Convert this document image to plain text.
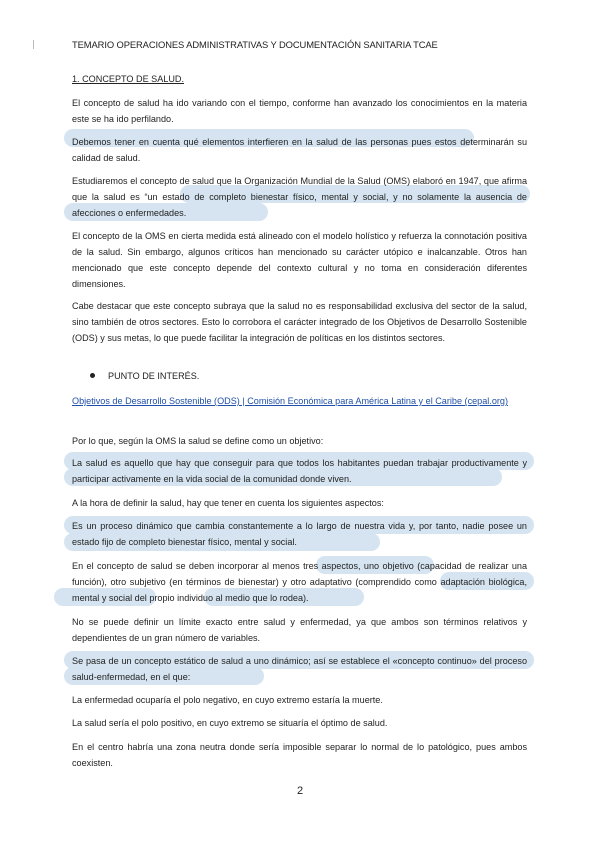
TEMARIO OPERACIONES ADMINISTRATIVAS Y DOCUMENTACIÓN SANITARIA TCAE
1. CONCEPTO DE SALUD.
El concepto de salud ha ido variando con el tiempo, conforme han avanzado los conocimientos en la materia este se ha ido perfilando.
Debemos tener en cuenta qué elementos interfieren en la salud de las personas pues estos determinarán su calidad de salud.
Estudiaremos el concepto de salud que la Organización Mundial de la Salud (OMS) elaboró en 1947, que afirma que la salud es “un estado de completo bienestar físico, mental y social, y no solamente la ausencia de afecciones o enfermedades.
El concepto de la OMS en cierta medida está alineado con el modelo holístico y refuerza la connotación positiva de la salud. Sin embargo, algunos críticos han mencionado su carácter utópico e inalcanzable. Otros han mencionado que este concepto depende del contexto cultural y no toma en consideración diferentes dimensiones.
Cabe destacar que este concepto subraya que la salud no es responsabilidad exclusiva del sector de la salud, sino también de otros sectores. Esto lo corrobora el carácter integrado de los Objetivos de Desarrollo Sostenible (ODS) y sus metas, lo que puede facilitar la integración de políticas en los distintos sectores.
PUNTO DE INTERÉS.
Objetivos de Desarrollo Sostenible (ODS) | Comisión Económica para América Latina y el Caribe (cepal.org)
Por lo que, según la OMS la salud se define como un objetivo:
La salud es aquello que hay que conseguir para que todos los habitantes puedan trabajar productivamente y participar activamente en la vida social de la comunidad donde viven.
A la hora de definir la salud, hay que tener en cuenta los siguientes aspectos:
Es un proceso dinámico que cambia constantemente a lo largo de nuestra vida y, por tanto, nadie posee un estado fijo de completo bienestar físico, mental y social.
En el concepto de salud se deben incorporar al menos tres aspectos, uno objetivo (capacidad de realizar una función), otro subjetivo (en términos de bienestar) y otro adaptativo (comprendido como adaptación biológica, mental y social del propio individuo al medio que lo rodea).
No se puede definir un límite exacto entre salud y enfermedad, ya que ambos son términos relativos y dependientes de un gran número de variables.
Se pasa de un concepto estático de salud a uno dinámico; así se establece el «concepto continuo» del proceso salud-enfermedad, en el que:
La enfermedad ocuparía el polo negativo, en cuyo extremo estaría la muerte.
La salud sería el polo positivo, en cuyo extremo se situaría el óptimo de salud.
En el centro habría una zona neutra donde sería imposible separar lo normal de lo patológico, pues ambos coexisten.
2
